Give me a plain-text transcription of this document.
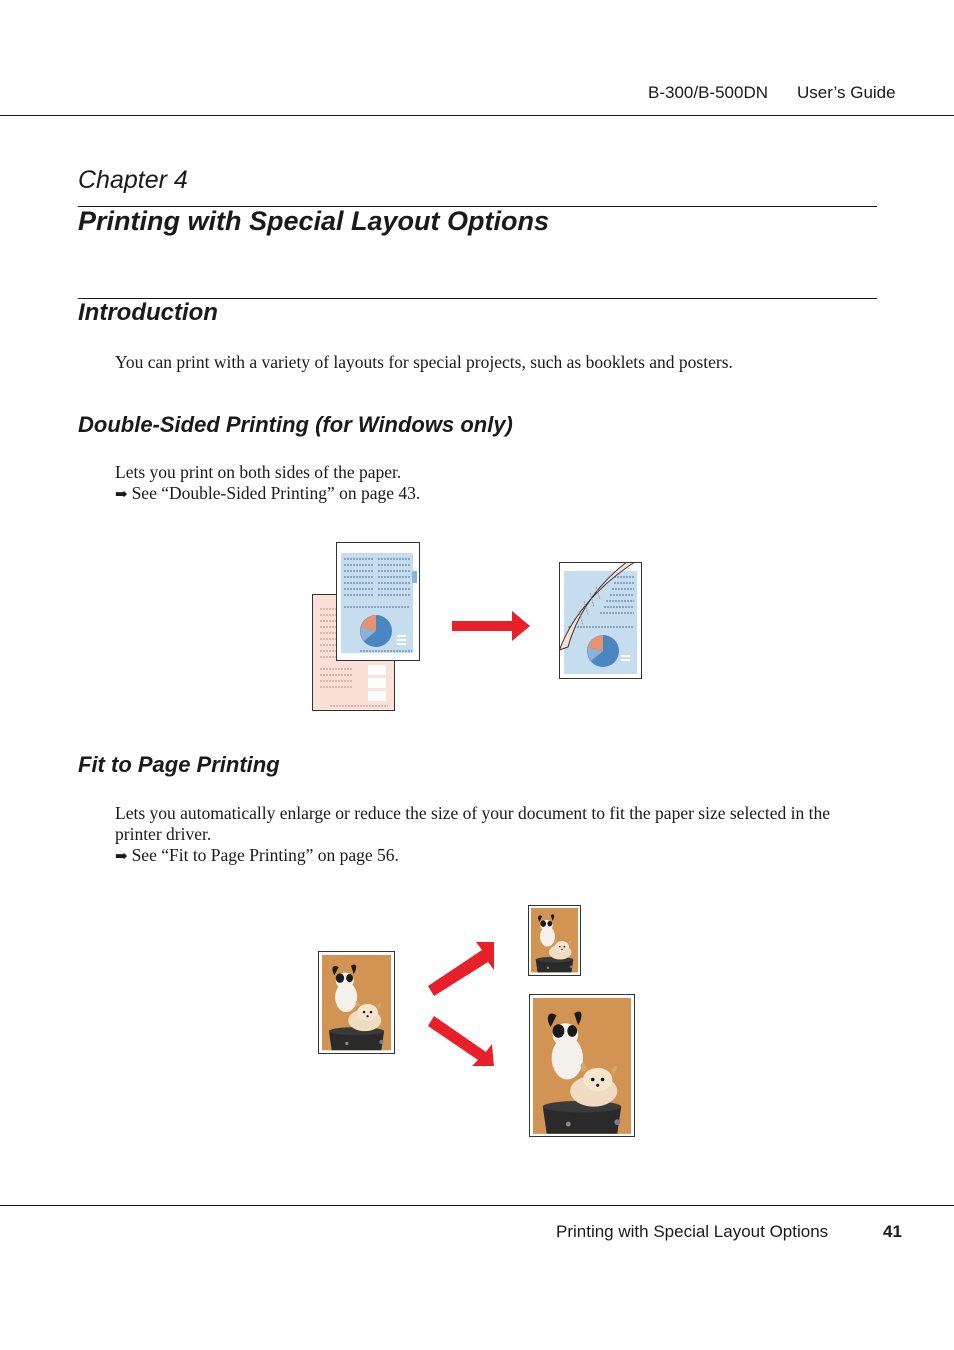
B-300/B-500DN User’s Guide
Chapter 4
Printing with Special Layout Options
Introduction
You can print with a variety of layouts for special projects, such as booklets and posters.
Double-Sided Printing (for Windows only)
Lets you print on both sides of the paper.
➡ See “Double-Sided Printing” on page 43.
Fit to Page Printing
Lets you automatically enlarge or reduce the size of your document to fit the paper size selected in the printer driver.
➡ See “Fit to Page Printing” on page 56.
Printing with Special Layout Options	41
